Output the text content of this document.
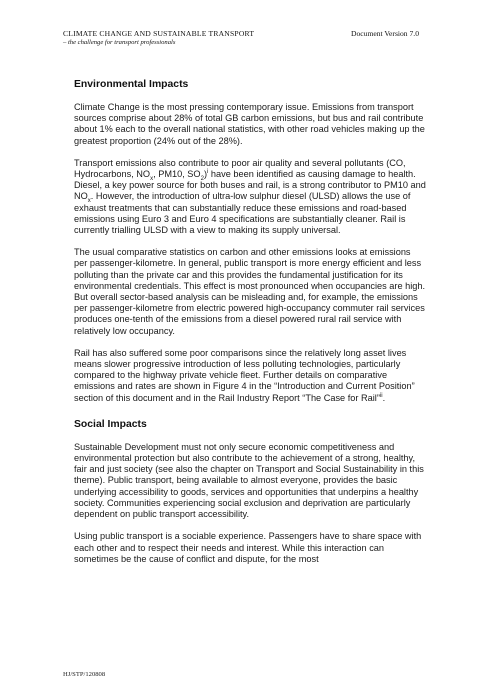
CLIMATE CHANGE AND SUSTAINABLE TRANSPORT
– the challenge for transport professionals
Document Version 7.0
Environmental Impacts

Climate Change is the most pressing contemporary issue. Emissions from transport sources comprise about 28% of total GB carbon emissions, but bus and rail contribute about 1% each to the overall national statistics, with other road vehicles making up the greatest proportion (24% out of the 28%).

Transport emissions also contribute to poor air quality and several pollutants (CO, Hydrocarbons, $NO_x$, PM10, $SO_2)^i$ have been identified as causing damage to health. Diesel, a key power source for both buses and rail, is a strong contributor to PM10 and $NO_x$. However, the introduction of ultra-low sulphur diesel (ULSD) allows the use of exhaust treatments that can substantially reduce these emissions and road-based emissions using Euro 3 and Euro 4 specifications are substantially cleaner. Rail is currently trialling ULSD with a view to making its supply universal.

The usual comparative statistics on carbon and other emissions looks at emissions per passenger-kilometre. In general, public transport is more energy efficient and less polluting than the private car and this provides the fundamental justification for its environmental credentials. This effect is most pronounced when occupancies are high. But overall sector-based analysis can be misleading and, for example, the emissions per passenger-kilometre from electric powered high-occupancy commuter rail services produces one-tenth of the emissions from a diesel powered rural rail service with relatively low occupancy.

Rail has also suffered some poor comparisons since the relatively long asset lives means slower progressive introduction of less polluting technologies, particularly compared to the highway private vehicle fleet. Further details on comparative emissions and rates are shown in Figure 4 in the “Introduction and Current Position” section of this document and in the Rail Industry Report “The Case for Rail”$^{ii}$.

Social Impacts

Sustainable Development must not only secure economic competitiveness and environmental protection but also contribute to the achievement of a strong, healthy, fair and just society (see also the chapter on Transport and Social Sustainability in this theme). Public transport, being available to almost everyone, provides the basic underlying accessibility to goods, services and opportunities that underpins a healthy society. Communities experiencing social exclusion and deprivation are particularly dependent on public transport accessibility.

Using public transport is a sociable experience. Passengers have to share space with each other and to respect their needs and interest. While this interaction can sometimes be the cause of conflict and dispute, for the most

HJ/STP/120808
